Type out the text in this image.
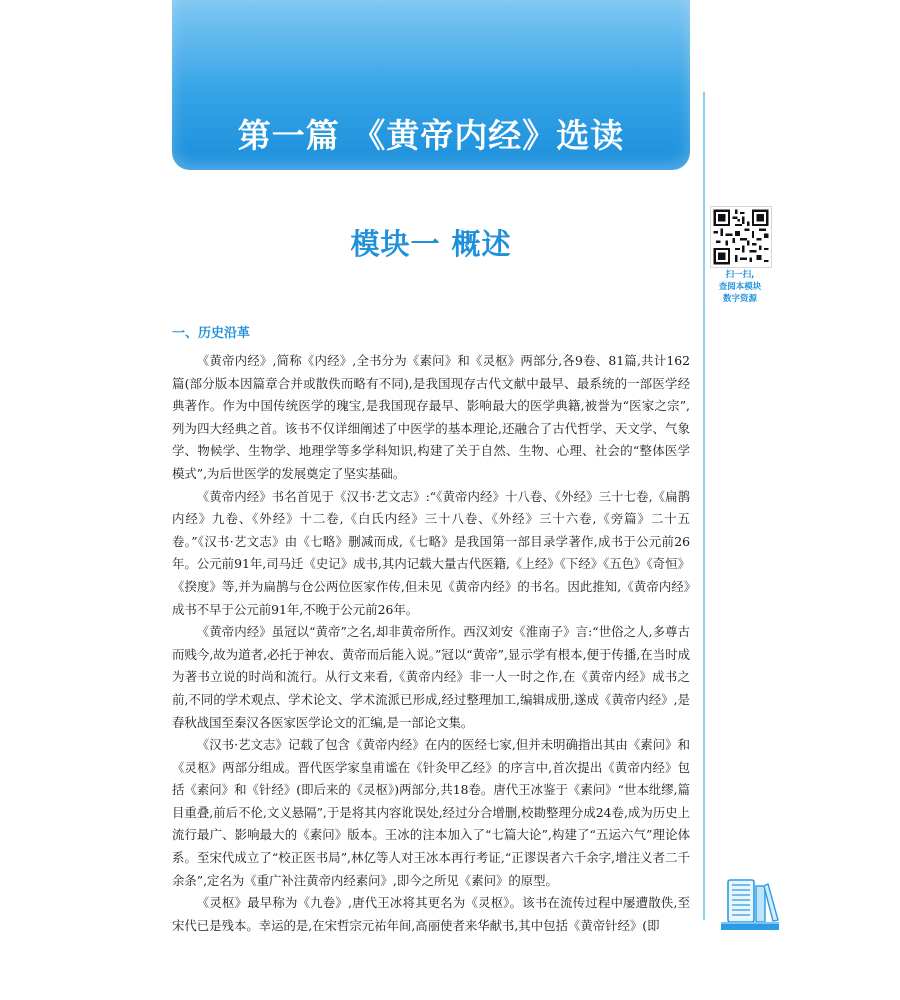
第一篇 《黄帝内经》选读
模块一 概述
扫一扫,
查阅本模块
数字资源
一、历史沿革

《黄帝内经》,简称《内经》,全书分为《素问》和《灵枢》两部分,各9卷、81篇,共计162篇(部分版本因篇章合并或散佚而略有不同),是我国现存古代文献中最早、最系统的一部医学经典著作。作为中国传统医学的瑰宝,是我国现存最早、影响最大的医学典籍,被誉为“医家之宗”,列为四大经典之首。该书不仅详细阐述了中医学的基本理论,还融合了古代哲学、天文学、气象学、物候学、生物学、地理学等多学科知识,构建了关于自然、生物、心理、社会的“整体医学模式”,为后世医学的发展奠定了坚实基础。

《黄帝内经》书名首见于《汉书·艺文志》:“《黄帝内经》十八卷、《外经》三十七卷,《扁鹊内经》九卷、《外经》十二卷,《白氏内经》三十八卷、《外经》三十六卷,《旁篇》二十五卷。”《汉书·艺文志》由《七略》删减而成,《七略》是我国第一部目录学著作,成书于公元前26年。公元前91年,司马迁《史记》成书,其内记载大量古代医籍,《上经》《下经》《五色》《奇恒》《揆度》等,并为扁鹊与仓公两位医家作传,但未见《黄帝内经》的书名。因此推知,《黄帝内经》成书不早于公元前91年,不晚于公元前26年。

《黄帝内经》虽冠以“黄帝”之名,却非黄帝所作。西汉刘安《淮南子》言:“世俗之人,多尊古而贱今,故为道者,必托于神农、黄帝而后能入说。”冠以“黄帝”,显示学有根本,便于传播,在当时成为著书立说的时尚和流行。从行文来看,《黄帝内经》非一人一时之作,在《黄帝内经》成书之前,不同的学术观点、学术论文、学术流派已形成,经过整理加工,编辑成册,遂成《黄帝内经》,是春秋战国至秦汉各医家医学论文的汇编,是一部论文集。

《汉书·艺文志》记载了包含《黄帝内经》在内的医经七家,但并未明确指出其由《素问》和《灵枢》两部分组成。晋代医学家皇甫谧在《针灸甲乙经》的序言中,首次提出《黄帝内经》包括《素问》和《针经》(即后来的《灵枢》)两部分,共18卷。唐代王冰鉴于《素问》“世本纰缪,篇目重叠,前后不伦,文义悬隔”,于是将其内容讹误处,经过分合增删,校勘整理分成24卷,成为历史上流行最广、影响最大的《素问》版本。王冰的注本加入了“七篇大论”,构建了“五运六气”理论体系。至宋代成立了“校正医书局”,林亿等人对王冰本再行考证,“正谬误者六千余字,增注义者二千余条”,定名为《重广补注黄帝内经素问》,即今之所见《素问》的原型。

《灵枢》最早称为《九卷》,唐代王冰将其更名为《灵枢》。该书在流传过程中屡遭散佚,至宋代已是残本。幸运的是,在宋哲宗元祐年间,高丽使者来华献书,其中包括《黄帝针经》(即
